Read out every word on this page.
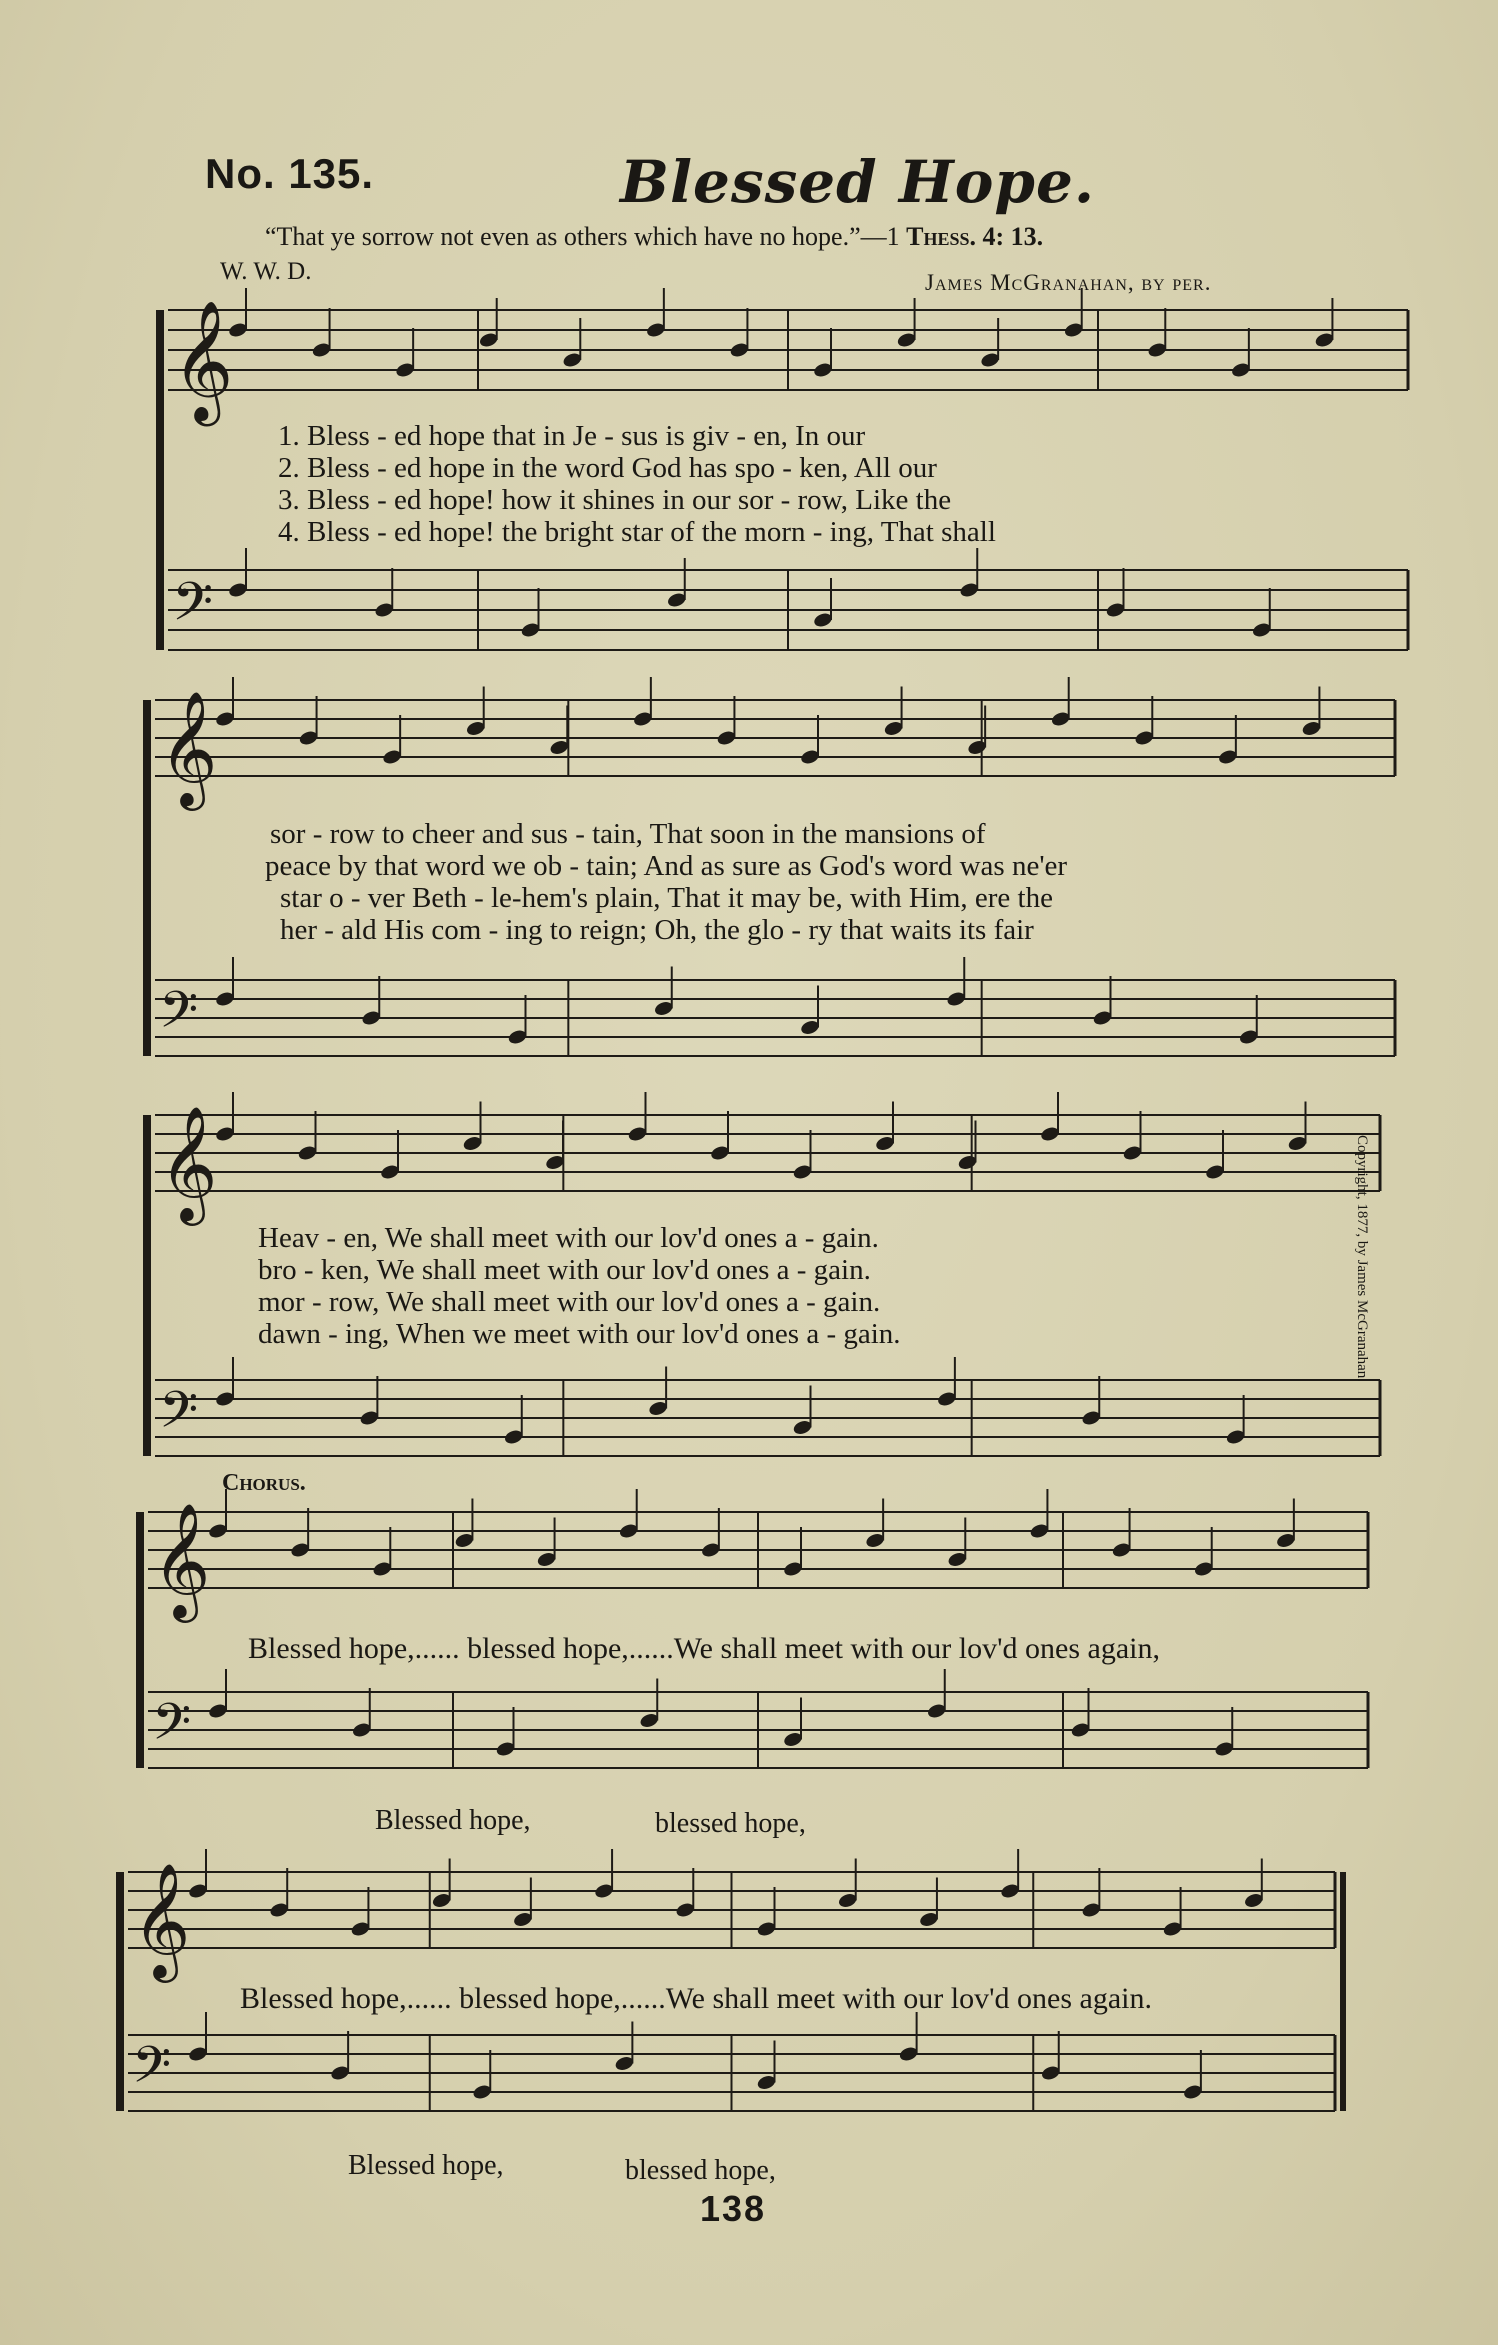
No. 135.	Blessed Hope.
“That ye sorrow not even as others which have no hope.”—1 Thess. 4: 13.
W. W. D.	James McGranahan, by per.
𝄞
𝄢
𝄞
𝄢
𝄞
𝄢
𝄞
𝄢
𝄞
𝄢
1. Bless - ed hope that in Je - sus is giv - en, In our
2. Bless - ed hope in the word God has spo - ken, All our
3. Bless - ed hope! how it shines in our sor - row, Like the
4. Bless - ed hope! the bright star of the morn - ing, That shall
sor - row to cheer and sus - tain, That soon in the mansions of
peace by that word we ob - tain; And as sure as God's word was ne'er
star o - ver Beth - le-hem's plain, That it may be, with Him, ere the
her - ald His com - ing to reign; Oh, the glo - ry that waits its fair
Heav - en, We shall meet with our lov'd ones a - gain.
bro - ken, We shall meet with our lov'd ones a - gain.
mor - row, We shall meet with our lov'd ones a - gain.
dawn - ing, When we meet with our lov'd ones a - gain.
Chorus.
Blessed hope,...... blessed hope,......We shall meet with our lov'd ones again,
Blessed hope,	blessed hope,
Blessed hope,...... blessed hope,......We shall meet with our lov'd ones again.
Blessed hope,	blessed hope,
Copyright, 1877, by James McGranahan.
138
